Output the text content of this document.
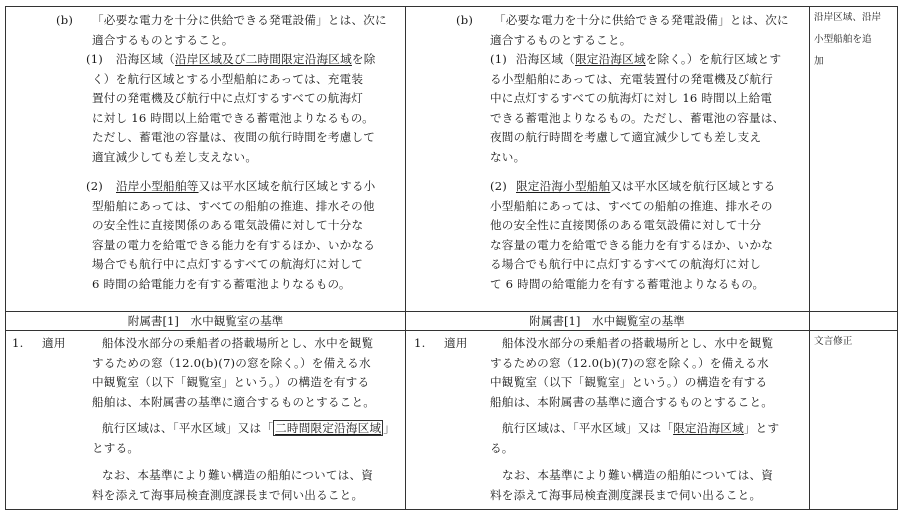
(b) 「必要な電力を十分に供給できる発電設備」とは、次に
適合するものとすること。
(1) 沿海区域（沿岸区域及び二時間限定沿海区域を除
く）を航行区域とする小型船舶にあっては、充電装
置付の発電機及び航行中に点灯するすべての航海灯
に対し 16 時間以上給電できる蓄電池よりなるもの。
ただし、蓄電池の容量は、夜間の航行時間を考慮して
適宜減少しても差し支えない。
(2) 沿岸小型船舶等又は平水区域を航行区域とする小
型船舶にあっては、すべての船舶の推進、排水その他
の安全性に直接関係のある電気設備に対して十分な
容量の電力を給電できる能力を有するほか、いかなる
場合でも航行中に点灯するすべての航海灯に対して
6 時間の給電能力を有する蓄電池よりなるもの。
附属書[1]　水中観覧室の基準
1. 適用	船体没水部分の乗船者の搭載場所とし、水中を観覧
するための窓（12.0(b)(7)の窓を除く。）を備える水
中観覧室（以下「観覧室」という。）の構造を有する
船舶は、本附属書の基準に適合するものとすること。
航行区域は、「平水区域」又は「 二時間限定沿海区域 」
とする。
なお、本基準により難い構造の船舶については、資
料を添えて海事局検査測度課長まで伺い出ること。
(b) 「必要な電力を十分に供給できる発電設備」とは、次に
適合するものとすること。
(1) 沿海区域（限定沿海区域を除く。）を航行区域とす
る小型船舶にあっては、充電装置付の発電機及び航行
中に点灯するすべての航海灯に対し 16 時間以上給電
できる蓄電池よりなるもの。ただし、蓄電池の容量は、
夜間の航行時間を考慮して適宜減少しても差し支え
ない。
(2) 限定沿海小型船舶又は平水区域を航行区域とする
小型船舶にあっては、すべての船舶の推進、排水その
他の安全性に直接関係のある電気設備に対して十分
な容量の電力を給電できる能力を有するほか、いかな
る場合でも航行中に点灯するすべての航海灯に対し
て 6 時間の給電能力を有する蓄電池よりなるもの。
附属書[1]　水中観覧室の基準
1. 適用	船体没水部分の乗船者の搭載場所とし、水中を観覧
するための窓（12.0(b)(7)の窓を除く。）を備える水
中観覧室（以下「観覧室」という。）の構造を有する
船舶は、本附属書の基準に適合するものとすること。
航行区域は、「平水区域」又は「限定沿海区域」とす
る。
なお、本基準により難い構造の船舶については、資
料を添えて海事局検査測度課長まで伺い出ること。
沿岸区域、沿岸
小型船舶を追
加
文言修正
